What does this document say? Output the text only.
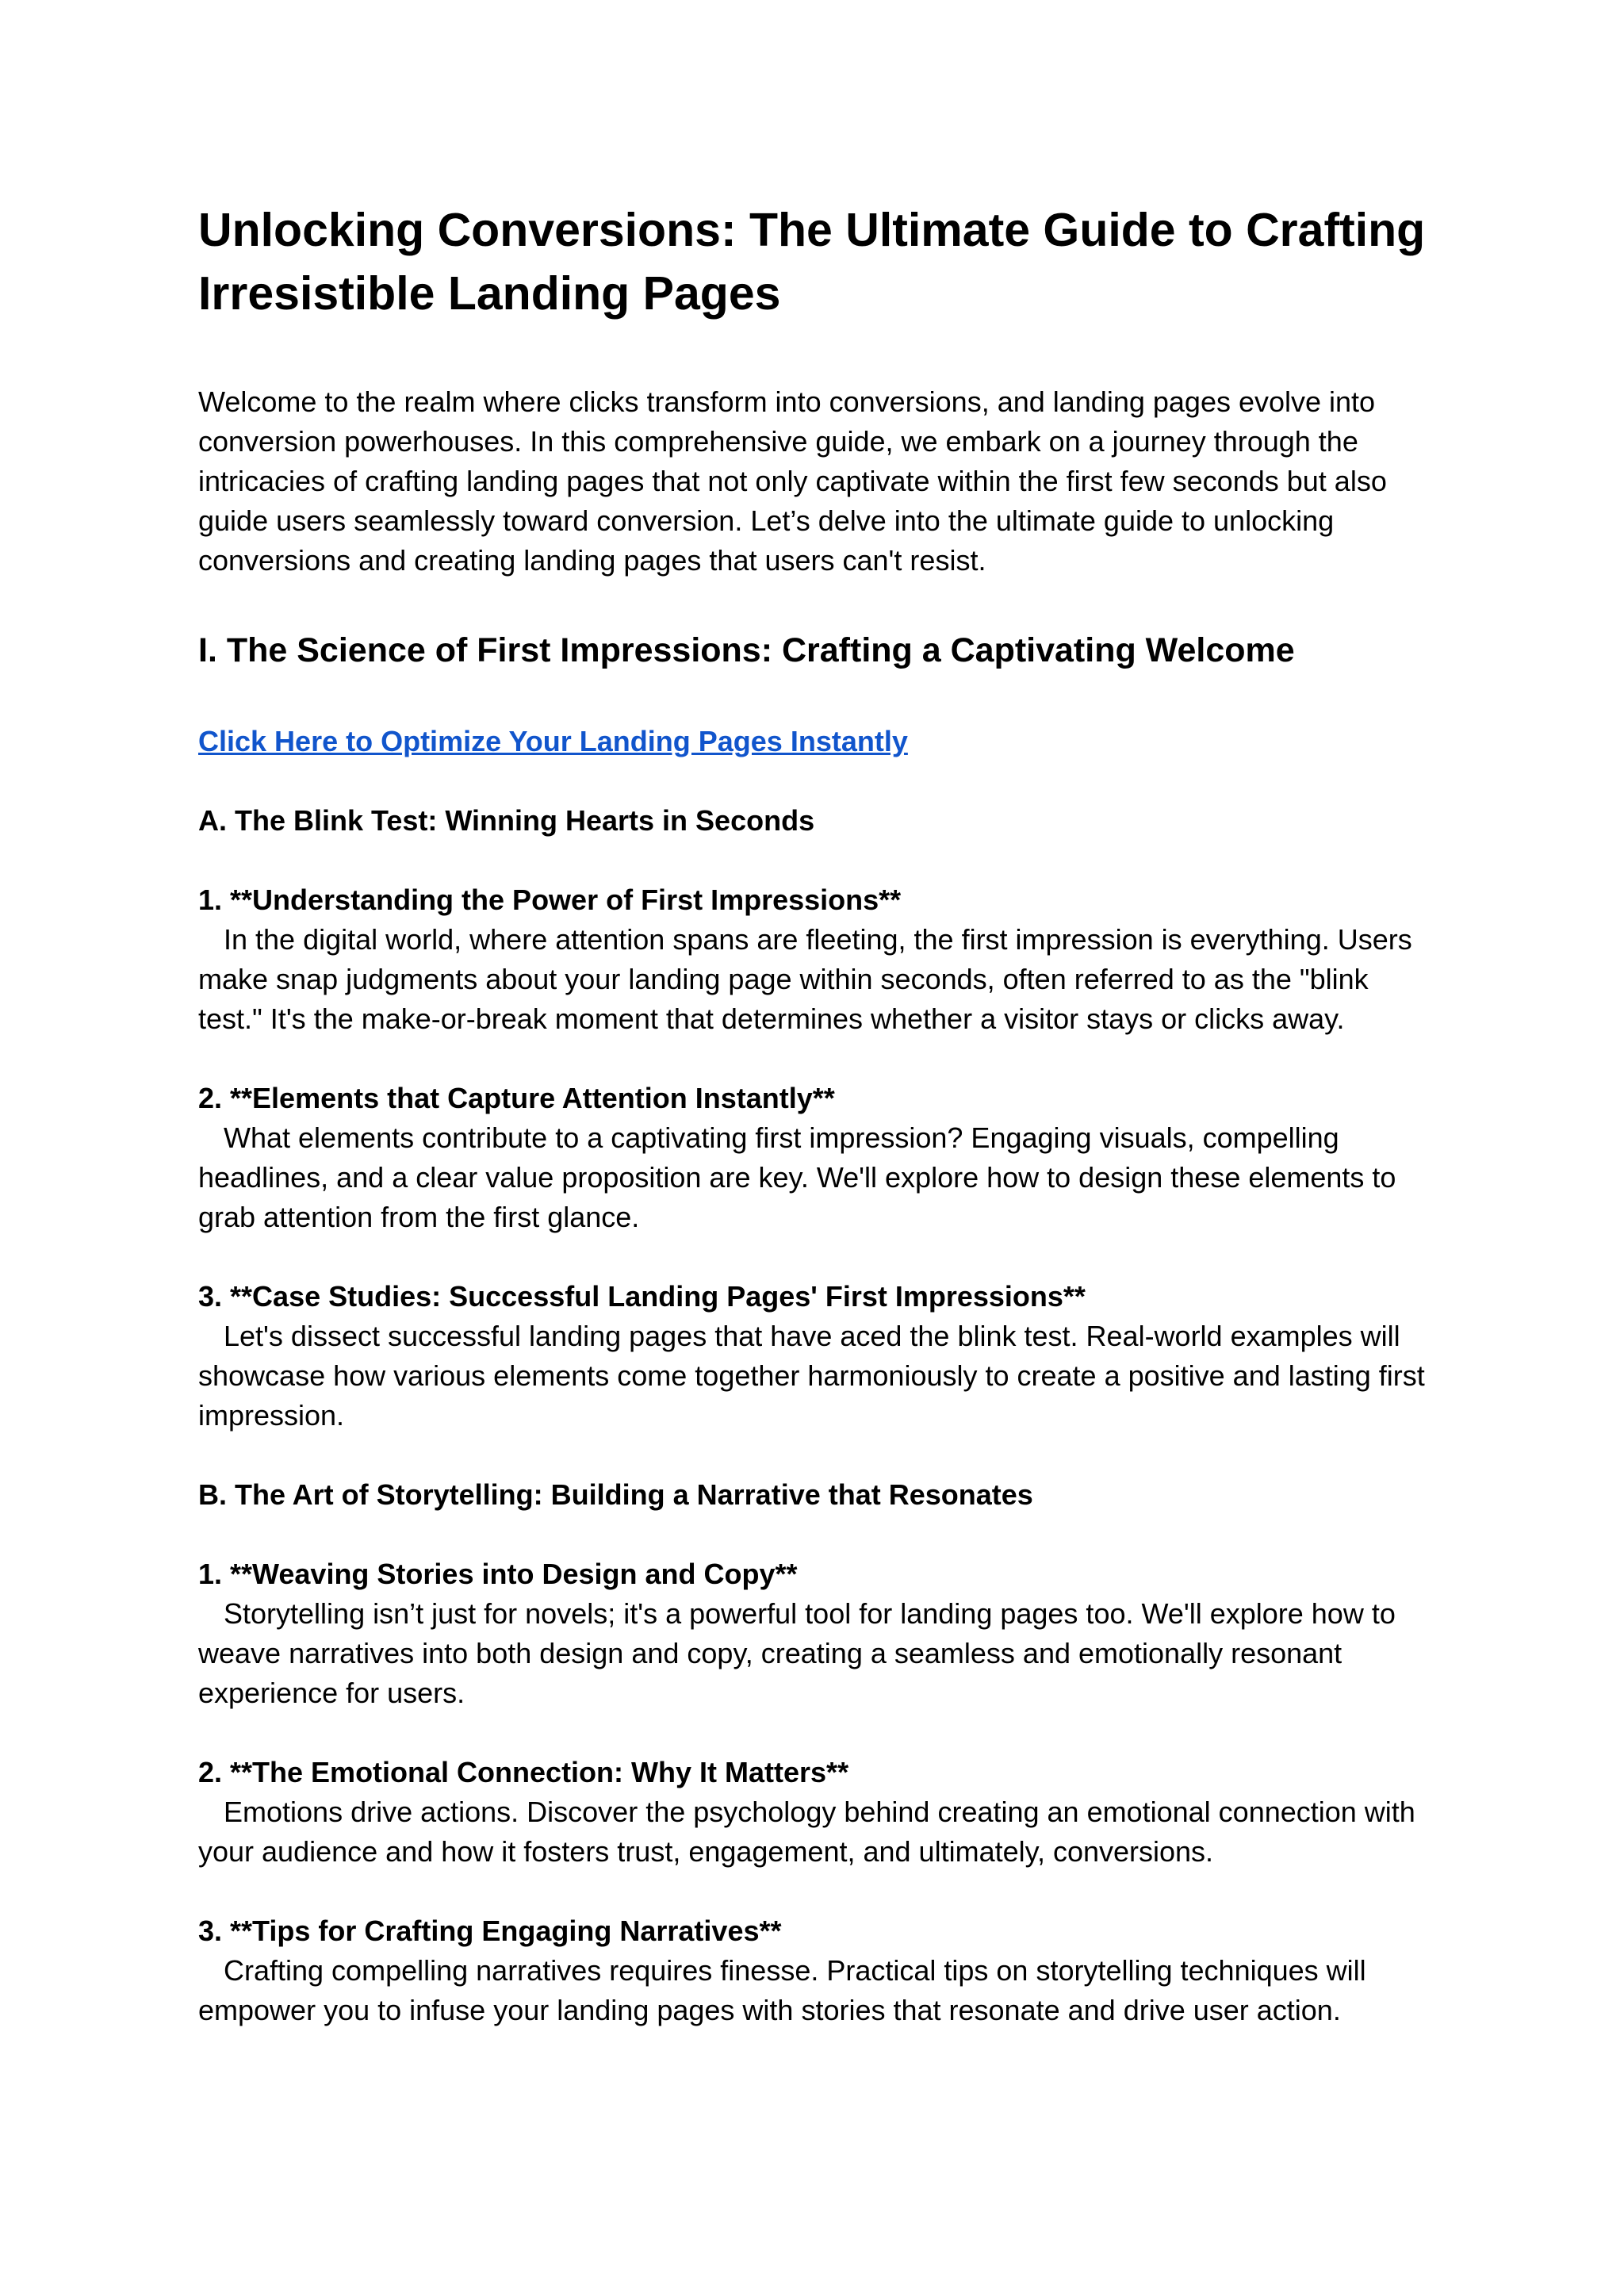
Unlocking Conversions: The Ultimate Guide to Crafting Irresistible Landing Pages

Welcome to the realm where clicks transform into conversions, and landing pages evolve into conversion powerhouses. In this comprehensive guide, we embark on a journey through the intricacies of crafting landing pages that not only captivate within the first few seconds but also guide users seamlessly toward conversion. Let’s delve into the ultimate guide to unlocking conversions and creating landing pages that users can't resist.

I. The Science of First Impressions: Crafting a Captivating Welcome
Click Here to Optimize Your Landing Pages Instantly

A. The Blink Test: Winning Hearts in Seconds

1. **Understanding the Power of First Impressions**

In the digital world, where attention spans are fleeting, the first impression is everything. Users make snap judgments about your landing page within seconds, often referred to as the "blink test." It's the make-or-break moment that determines whether a visitor stays or clicks away.

2. **Elements that Capture Attention Instantly**

What elements contribute to a captivating first impression? Engaging visuals, compelling headlines, and a clear value proposition are key. We'll explore how to design these elements to grab attention from the first glance.

3. **Case Studies: Successful Landing Pages' First Impressions**

Let's dissect successful landing pages that have aced the blink test. Real-world examples will showcase how various elements come together harmoniously to create a positive and lasting first impression.

B. The Art of Storytelling: Building a Narrative that Resonates

1. **Weaving Stories into Design and Copy**

Storytelling isn’t just for novels; it's a powerful tool for landing pages too. We'll explore how to weave narratives into both design and copy, creating a seamless and emotionally resonant experience for users.

2. **The Emotional Connection: Why It Matters**

Emotions drive actions. Discover the psychology behind creating an emotional connection with your audience and how it fosters trust, engagement, and ultimately, conversions.

3. **Tips for Crafting Engaging Narratives**

Crafting compelling narratives requires finesse. Practical tips on storytelling techniques will empower you to infuse your landing pages with stories that resonate and drive user action.
